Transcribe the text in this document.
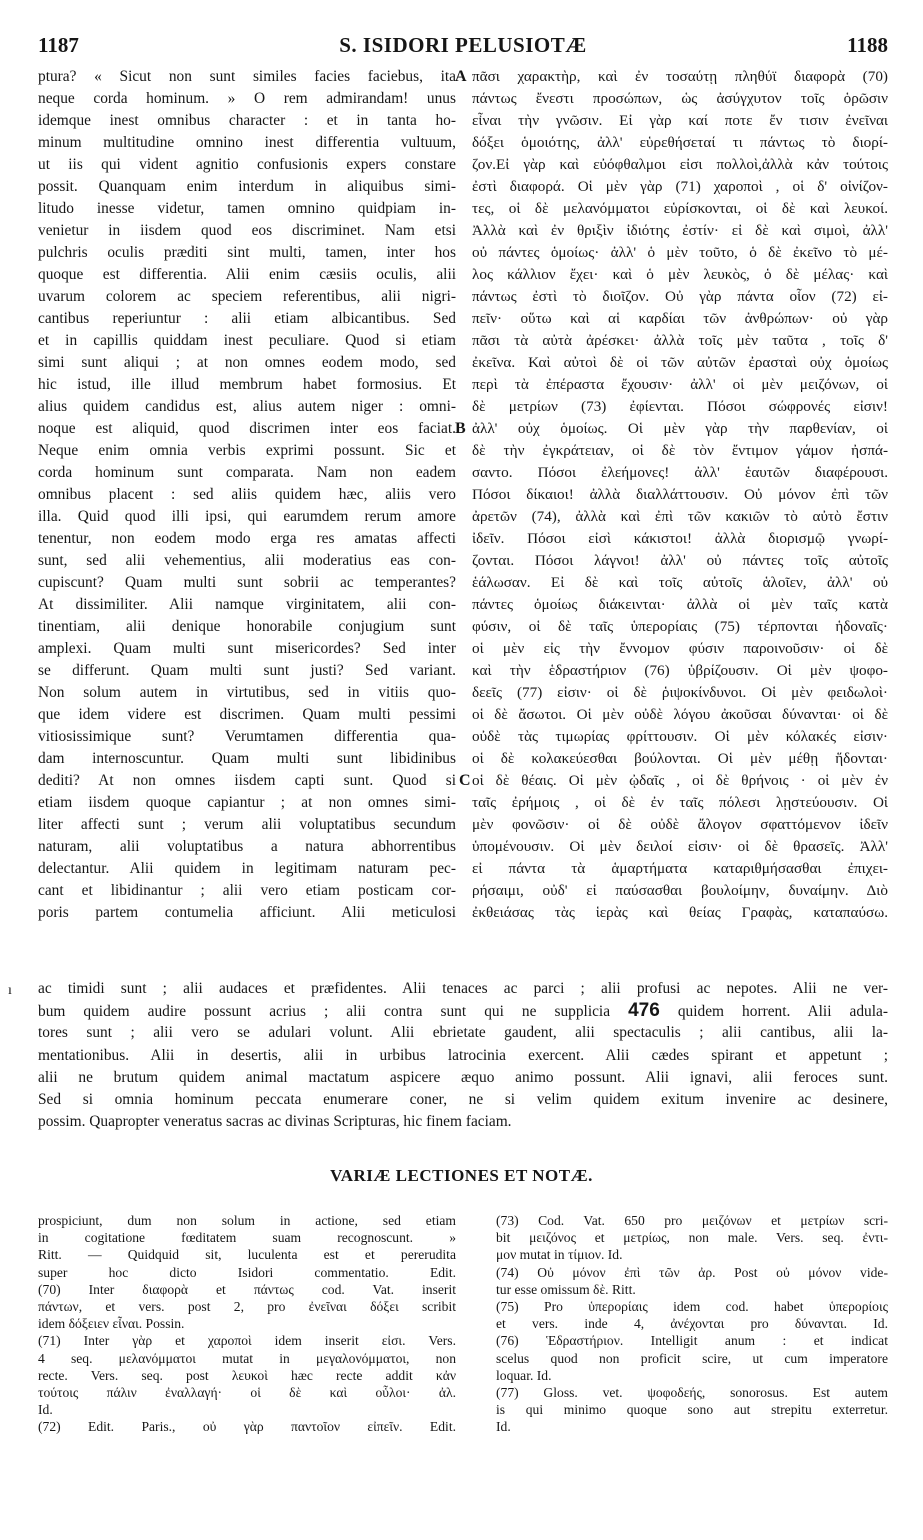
1187	S. ISIDORI PELUSIOTÆ	1188
ptura? « Sicut non sunt similes facies faciebus, ita
neque corda hominum. » O rem admirandam! unus
idemque inest omnibus character : et in tanta ho-
minum multitudine omnino inest differentia vultuum,
ut iis qui vident agnitio confusionis expers constare
possit. Quanquam enim interdum in aliquibus simi-
litudo inesse videtur, tamen omnino quidpiam in-
venietur in iisdem quod eos discriminet. Nam etsi
pulchris oculis præditi sint multi, tamen, inter hos
quoque est differentia. Alii enim cæsiis oculis, alii
uvarum colorem ac speciem referentibus, alii nigri-
cantibus reperiuntur : alii etiam albicantibus. Sed
et in capillis quiddam inest peculiare. Quod si etiam
simi sunt aliqui ; at non omnes eodem modo, sed
hic istud, ille illud membrum habet formosius. Et
alius quidem candidus est, alius autem niger : omni-
noque est aliquid, quod discrimen inter eos faciat.
Neque enim omnia verbis exprimi possunt. Sic et
corda hominum sunt comparata. Nam non eadem
omnibus placent : sed aliis quidem hæc, aliis vero
illa. Quid quod illi ipsi, qui earumdem rerum amore
tenentur, non eodem modo erga res amatas affecti
sunt, sed alii vehementius, alii moderatius eas con-
cupiscunt? Quam multi sunt sobrii ac temperantes?
At dissimiliter. Alii namque virginitatem, alii con-
tinentiam, alii denique honorabile conjugium sunt
amplexi. Quam multi sunt misericordes? Sed inter
se differunt. Quam multi sunt justi? Sed variant.
Non solum autem in virtutibus, sed in vitiis quo-
que idem videre est discrimen. Quam multi pessimi
vitiosissimique sunt? Verumtamen differentia qua-
dam internoscuntur. Quam multi sunt libidinibus
dediti? At non omnes iisdem capti sunt. Quod si
etiam iisdem quoque capiantur ; at non omnes simi-
liter affecti sunt ; verum alii voluptatibus secundum
naturam, alii voluptatibus a natura abhorrentibus
delectantur. Alii quidem in legitimam naturam pec-
cant et libidinantur ; alii vero etiam posticam cor-
poris partem contumelia afficiunt. Alii meticulosi
A πᾶσι χαρακτὴρ, καὶ ἐν τοσαύτῃ πληθύϊ διαφορὰ (70)
πάντως ἔνεστι προσώπων, ὡς ἀσύγχυτον τοῖς ὁρῶσιν
εἶναι τὴν γνῶσιν. Εἰ γὰρ καί ποτε ἔν τισιν ἐνεῖναι
δόξει ὁμοιότης, ἀλλ' εὑρεθήσεταί τι πάντως τὸ διορί-
ζον.Εἰ γὰρ καὶ εὐόφθαλμοι εἰσι πολλοὶ,ἀλλὰ κἀν τούτοις
ἐστὶ διαφορά. Οἱ μὲν γὰρ (71) χαροποὶ , οἱ δ' οἰνίζον-
τες, οἱ δὲ μελανόμματοι εὑρίσκονται, οἱ δὲ καὶ λευκοί.
Ἀλλὰ καὶ ἐν θριξὶν ἰδιότης ἐστίν· εἰ δὲ καὶ σιμοὶ, ἀλλ'
οὐ πάντες ὁμοίως· ἀλλ' ὁ μὲν τοῦτο, ὁ δὲ ἐκεῖνο τὸ μέ-
λος κάλλιον ἔχει· καὶ ὁ μὲν λευκὸς, ὁ δὲ μέλας· καὶ
πάντως ἐστὶ τὸ διοῖζον. Οὐ γὰρ πάντα οἷον (72) εἰ-
πεῖν· οὕτω καὶ αἱ καρδίαι τῶν ἀνθρώπων· οὐ γὰρ
πᾶσι τὰ αὐτὰ ἀρέσκει· ἀλλὰ τοῖς μὲν ταῦτα , τοῖς δ'
ἐκεῖνα. Καὶ αὐτοὶ δὲ οἱ τῶν αὐτῶν ἐρασταὶ οὐχ ὁμοίως
περὶ τὰ ἐπέραστα ἔχουσιν· ἀλλ' οἱ μὲν μειζόνων, οἱ
δὲ μετρίων (73) ἐφίενται. Πόσοι σώφρονές εἰσιν!
ἀλλ' οὐχ ὁμοίως. Οἱ μὲν γὰρ τὴν παρθενίαν, οἱ
δὲ τὴν ἐγκράτειαν, οἱ δὲ τὸν ἔντιμον γάμον ἠσπά-
σαντο. Πόσοι ἐλεήμονες! ἀλλ' ἑαυτῶν διαφέρουσι.
Πόσοι δίκαιοι! ἀλλὰ διαλλάττουσιν. Οὐ μόνον ἐπὶ τῶν
ἀρετῶν (74), ἀλλὰ καὶ ἐπὶ τῶν κακιῶν τὸ αὐτὸ ἔστιν
ἰδεῖν. Πόσοι εἰσὶ κάκιστοι! ἀλλὰ διορισμῷ γνωρί-
ζονται. Πόσοι λάγνοι! ἀλλ' οὐ πάντες τοῖς αὐτοῖς
ἑάλωσαν. Εἰ δὲ καὶ τοῖς αὐτοῖς ἁλοῖεν, ἀλλ' οὐ
πάντες ὁμοίως διάκεινται· ἀλλὰ οἱ μὲν ταῖς κατὰ
φύσιν, οἱ δὲ ταῖς ὑπερορίαις (75) τέρπονται ἡδοναῖς·
οἱ μὲν εἰς τὴν ἔννομον φύσιν παροινοῦσιν· οἱ δὲ
καὶ τὴν ἑδραστήριον (76) ὑβρίζουσιν. Οἱ μὲν ψοφο-
δεεῖς (77) εἰσιν· οἱ δὲ ῥιψοκίνδυνοι. Οἱ μὲν φειδωλοὶ·
οἱ δὲ ἄσωτοι. Οἱ μὲν οὐδὲ λόγου ἀκοῦσαι δύνανται· οἱ δὲ
οὐδὲ τὰς τιμωρίας φρίττουσιν. Οἱ μὲν κόλακές εἰσιν·
οἱ δὲ κολακεύεσθαι βούλονται. Οἱ μὲν μέθῃ ἥδονται·
οἱ δὲ θέαις. Οἱ μὲν ᾠδαῖς , οἱ δὲ θρήνοις · οἱ μὲν ἐν
ταῖς ἐρήμοις , οἱ δὲ ἐν ταῖς πόλεσι λῃστεύουσιν. Οἱ
μὲν φονῶσιν· οἱ δὲ οὐδὲ ἄλογον σφαττόμενον ἰδεῖν
ὑπομένουσιν. Οἱ μὲν δειλοί εἰσιν· οἱ δὲ θρασεῖς. Ἀλλ'
εἰ πάντα τὰ ἁμαρτήματα καταριθμήσασθαι ἐπιχει-
ρήσαιμι, οὐδ' εἰ παύσασθαι βουλοίμην, δυναίμην. Διὸ
ἐκθειάσας τὰς ἱερὰς καὶ θείας Γραφὰς, καταπαύσω.
B
C
ı ac timidi sunt ; alii audaces et præfidentes. Alii tenaces ac parci ; alii profusi ac nepotes. Alii ne ver-
bum quidem audire possunt acrius ; alii contra sunt qui ne supplicia 476 quidem horrent. Alii adula-
tores sunt ; alii vero se adulari volunt. Alii ebrietate gaudent, alii spectaculis ; alii cantibus, alii la-
mentationibus. Alii in desertis, alii in urbibus latrocinia exercent. Alii cædes spirant et appetunt ;
alii ne brutum quidem animal mactatum aspicere æquo animo possunt. Alii ignavi, alii feroces sunt.
Sed si omnia hominum peccata enumerare coner, ne si velim quidem exitum invenire ac desinere,
possim. Quapropter veneratus sacras ac divinas Scripturas, hic finem faciam.
VARIÆ LECTIONES ET NOTÆ.
prospiciunt, dum non solum in actione, sed etiam
in cogitatione fœditatem suam recognoscunt. »
Ritt. — Quidquid sit, luculenta est et pererudita
super hoc dicto Isidori commentatio. Edit.
(70) Inter διαφορὰ et πάντως cod. Vat. inserit
πάντων, et vers. post 2, pro ἐνεῖναι δόξει scribit
idem δόξειεν εἶναι. Possin.
(71) Inter γὰρ et χαροποὶ idem inserit εἰσι. Vers.
4 seq. μελανόμματοι mutat in μεγαλονόμματοι, non
recte. Vers. seq. post λευκοὶ hæc recte addit κἀν
τούτοις πάλιν ἐναλλαγή· οἱ δὲ καὶ οὖλοι· ἀλ.
Id.
(72) Edit. Paris., οὐ γὰρ παντοῖον εἰπεῖν. Edit.
(73) Cod. Vat. 650 pro μειζόνων et μετρίων scri-
bit μειζόνος et μετρίως, non male. Vers. seq. ἐντι-
μον mutat in τίμιον. Id.
(74) Οὐ μόνον ἐπὶ τῶν ἀρ. Post οὐ μόνον vide-
tur esse omissum δὲ. Ritt.
(75) Pro ὑπερορίαις idem cod. habet ὑπερορίοις
et vers. inde 4, ἀνέχονται pro δύνανται. Id.
(76) Ἑδραστήριον. Intelligit anum : et indicat
scelus quod non proficit scire, ut cum imperatore
loquar. Id.
(77) Gloss. vet. ψοφοδεής, sonorosus. Est autem
is qui minimo quoque sono aut strepitu exterretur.
Id.
